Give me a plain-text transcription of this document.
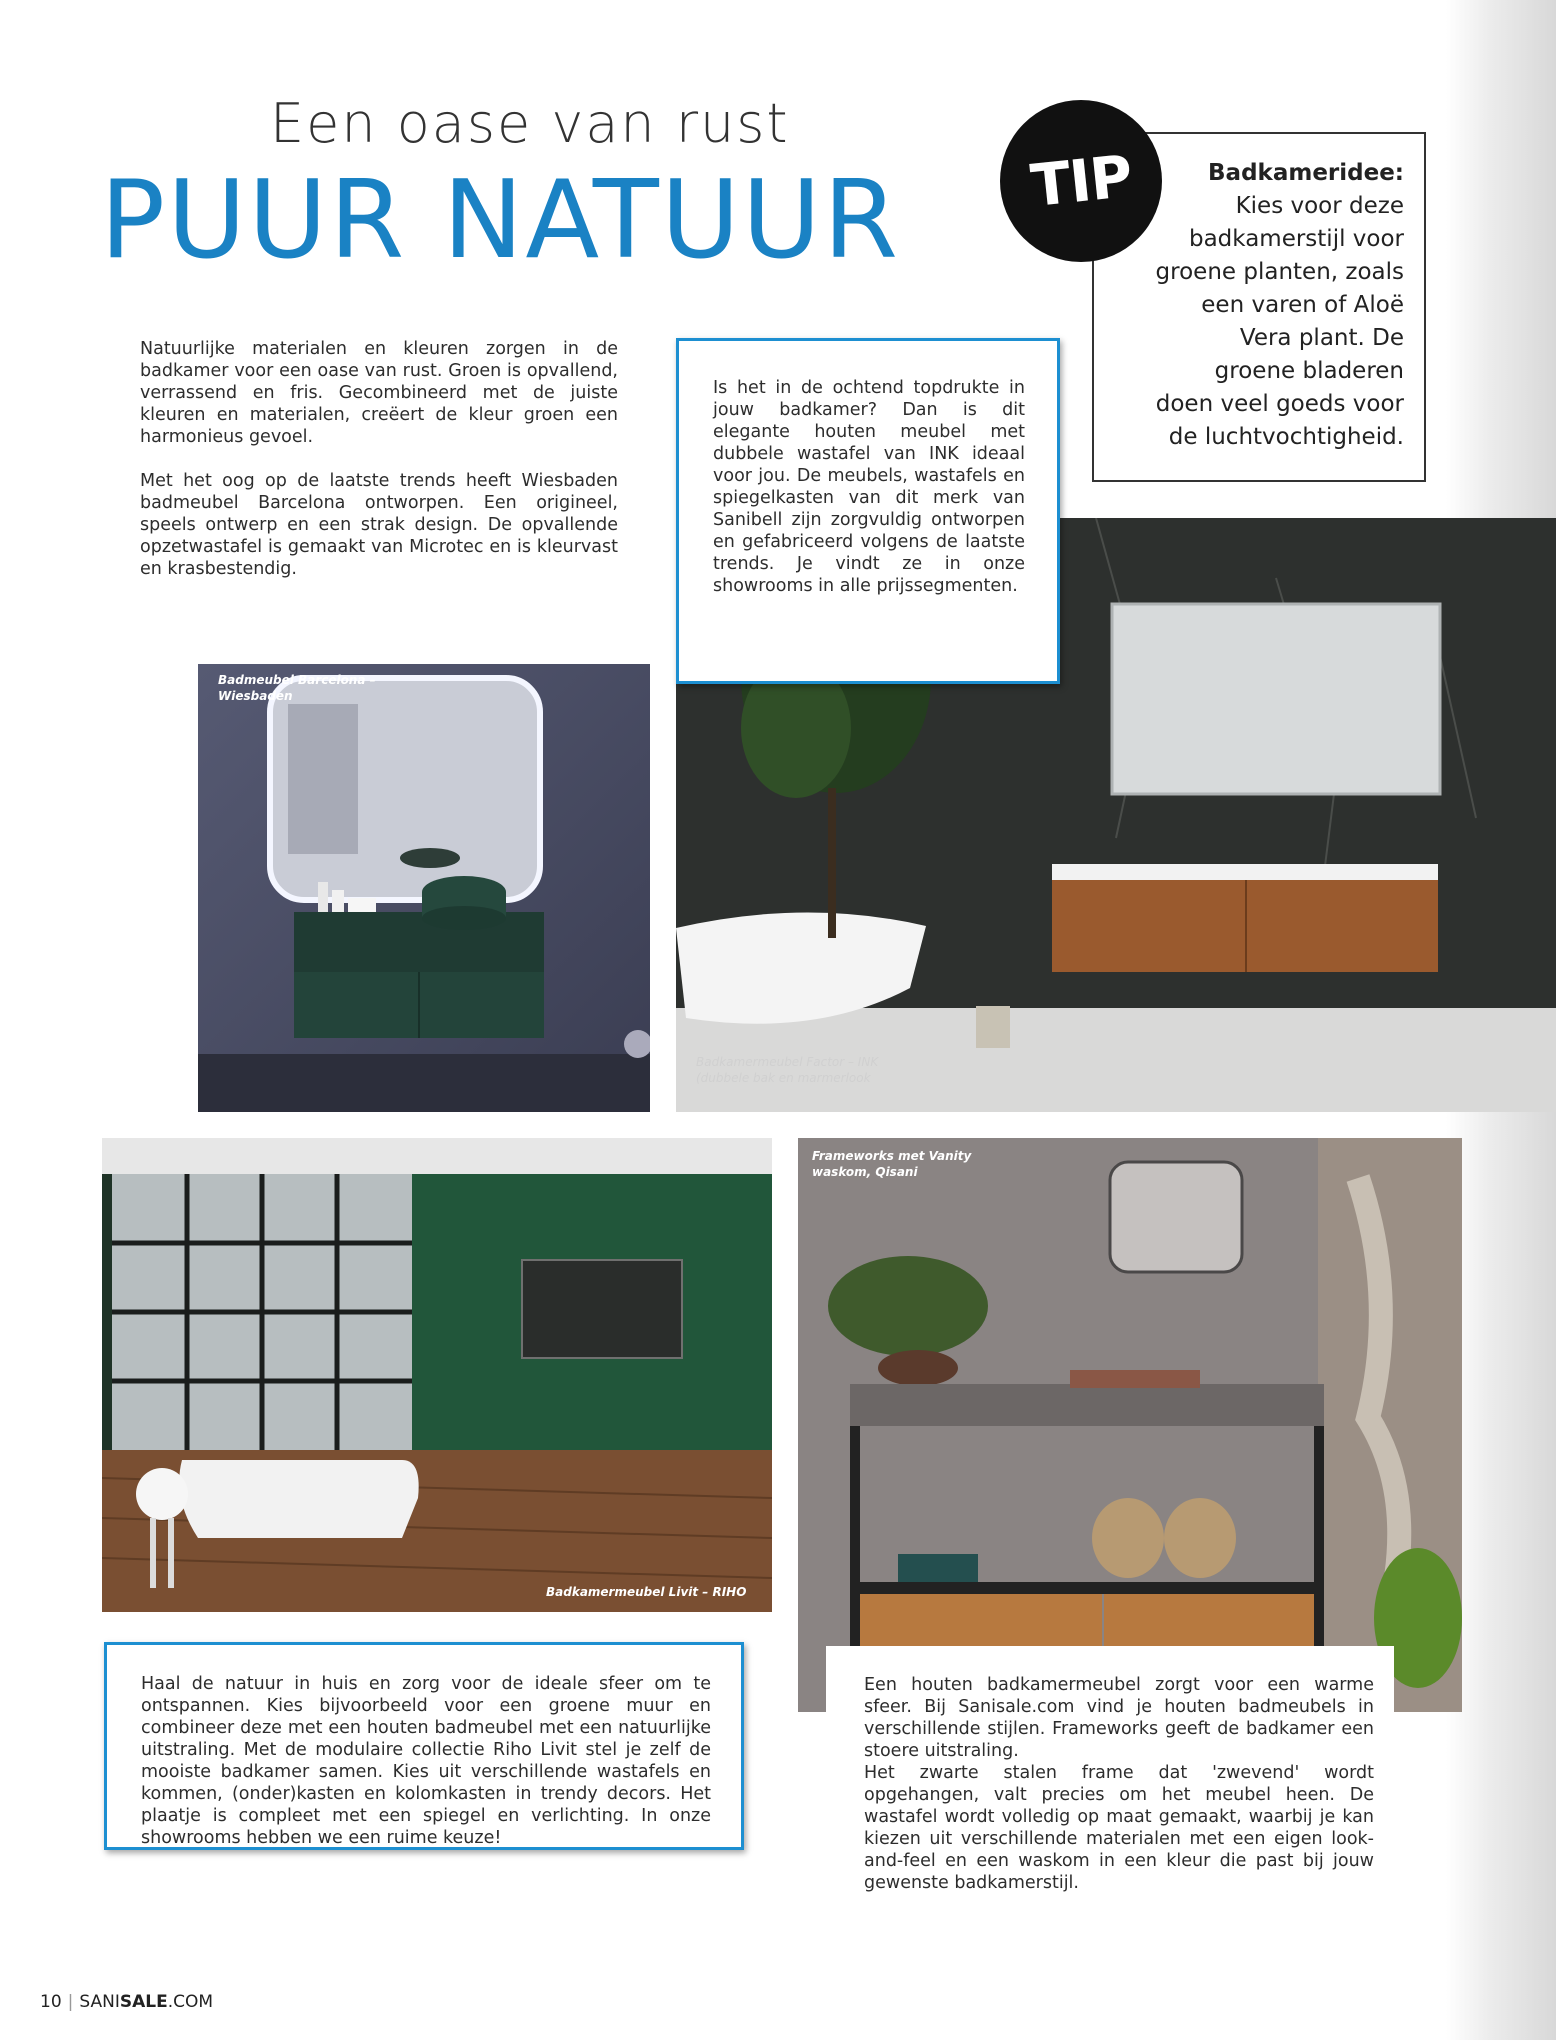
Een oase van rust
PUUR NATUUR

Natuurlijke materialen en kleuren zorgen in de badkamer voor een oase van rust. Groen is opvallend, verrassend en fris. Gecombineerd met de juiste kleuren en materialen, creëert de kleur groen een harmonieus gevoel.

Met het oog op de laatste trends heeft Wiesbaden badmeubel Barcelona ontworpen. Een origineel, speels ontwerp en een strak design. De opvallende opzetwastafel is gemaakt van Microtec en is kleurvast en krasbestendig.

Badkameridee:

Kies voor deze badkamerstijl voor groene planten, zoals een varen of Aloë Vera plant. De groene bladeren doen veel goeds voor de luchtvochtigheid.

TIP
Badmeubel Barcelona –
Wiesbaden
Badkamermeubel Factor – INK
(dubbele bak en marmerlook

Is het in de ochtend topdrukte in jouw badkamer? Dan is dit elegante houten meubel met dubbele wastafel van INK ideaal voor jou. De meubels, wastafels en spiegelkasten van dit merk van Sanibell zijn zorgvuldig ontworpen en gefabriceerd volgens de laatste trends. Je vindt ze in onze showrooms in alle prijssegmenten.

Badkamermeubel Livit – RIHO

Haal de natuur in huis en zorg voor de ideale sfeer om te ontspannen. Kies bijvoorbeeld voor een groene muur en combineer deze met een houten badmeubel met een natuurlijke uitstraling. Met de modulaire collectie Riho Livit stel je zelf de mooiste badkamer samen. Kies uit verschillende wastafels en kommen, (onder)kasten en kolomkasten in trendy decors. Het plaatje is compleet met een spiegel en verlichting. In onze showrooms hebben we een ruime keuze!

Frameworks met Vanity
waskom, Qisani

Een houten badkamermeubel zorgt voor een warme sfeer. Bij Sanisale.com vind je houten badmeubels in verschillende stijlen. Frameworks geeft de badkamer een stoere uitstraling.

Het zwarte stalen frame dat 'zwevend' wordt opgehangen, valt precies om het meubel heen. De wastafel wordt volledig op maat gemaakt, waarbij je kan kiezen uit verschillende materialen met een eigen look-and-feel en een waskom in een kleur die past bij jouw gewenste badkamerstijl.

10 | SANISALE.COM
